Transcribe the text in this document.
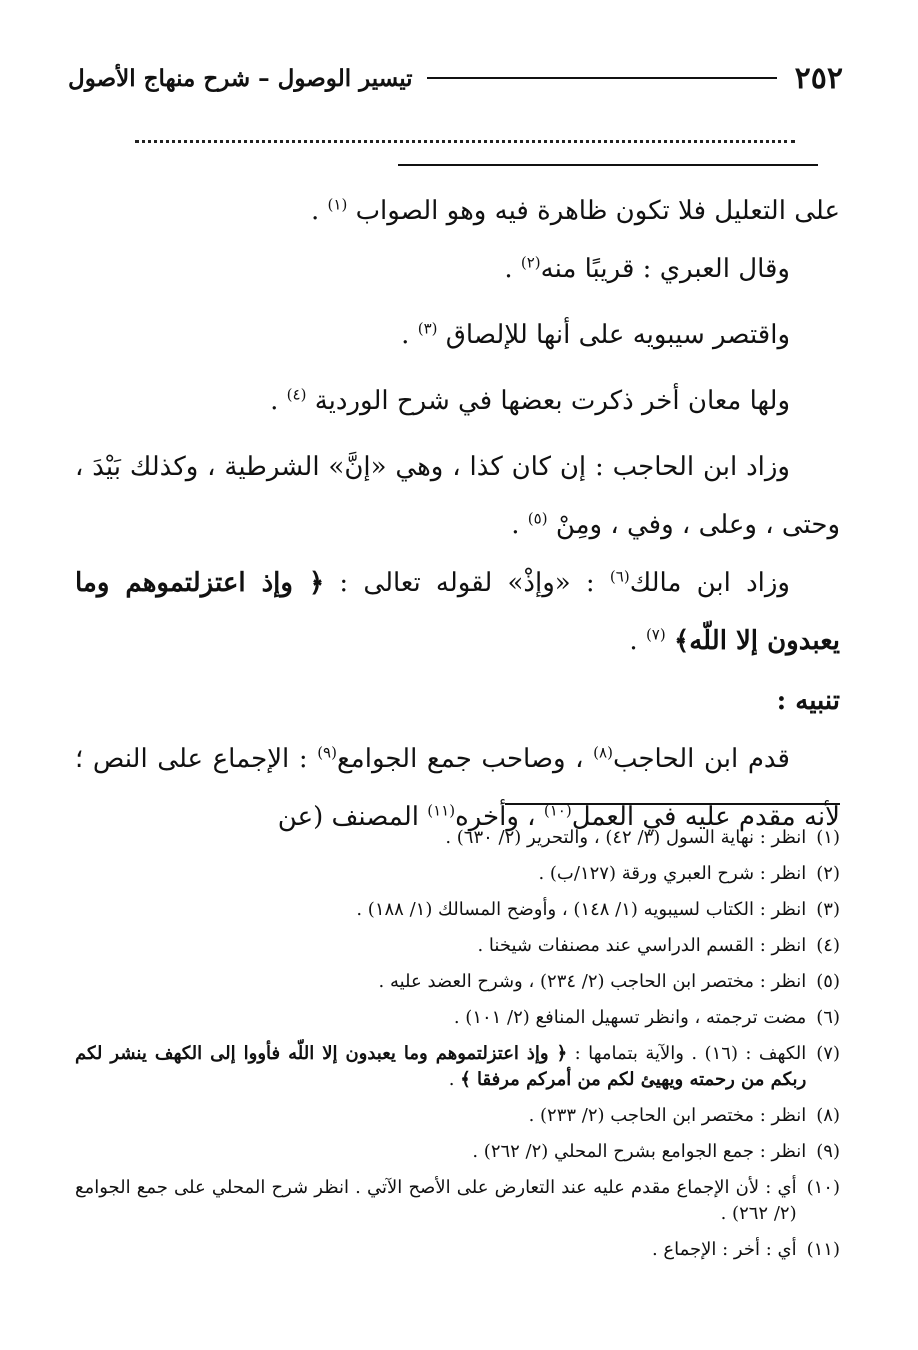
٢٥٢
تيسير الوصول – شرح منهاج الأصول

على التعليل فلا تكون ظاهرة فيه وهو الصواب $^{(١)}$ .

وقال العبري : قريبًا منه$^{(٢)}$ .

واقتصر سيبويه على أنها للإلصاق $^{(٣)}$ .

ولها معان أخر ذكرت بعضها في شرح الوردية $^{(٤)}$ .

وزاد ابن الحاجب : إن كان كذا ، وهي «إنَّ» الشرطية ، وكذلك بَيْدَ ، وحتى ، وعلى ، وفي ، ومِنْ $^{(٥)}$ .

وزاد ابن مالك$^{(٦)}$ : «وإذْ» لقوله تعالى : ﴿ وإذ اعتزلتموهم وما يعبدون إلا اللّه﴾ $^{(٧)}$ .

تنبيه :

قدم ابن الحاجب$^{(٨)}$ ، وصاحب جمع الجوامع$^{(٩)}$ : الإجماع على النص ؛ لأنه مقدم عليه في العمل$^{(١٠)}$ ، وأخره$^{(١١)}$ المصنف (عن

(١)
انظر : نهاية السول (٣/ ٤٢) ، والتحرير (٢/ ٦٣٠) .

(٢)
انظر : شرح العبري ورقة (١٢٧/ب) .

(٣)
انظر : الكتاب لسيبويه (١/ ١٤٨) ، وأوضح المسالك (١/ ١٨٨) .

(٤)
انظر : القسم الدراسي عند مصنفات شيخنا .

(٥)
انظر : مختصر ابن الحاجب (٢/ ٢٣٤) ، وشرح العضد عليه .

(٦)
مضت ترجمته ، وانظر تسهيل المنافع (٢/ ١٠١) .

(٧)
الكهف : (١٦) . والآية بتمامها : ﴿ وإذ اعتزلتموهم وما يعبدون إلا اللّه فأووا إلى الكهف ينشر لكم ربكم من رحمته ويهيئ لكم من أمركم مرفقا ﴾ .

(٨)
انظر : مختصر ابن الحاجب (٢/ ٢٣٣) .

(٩)
انظر : جمع الجوامع بشرح المحلي (٢/ ٢٦٢) .

(١٠)
أي : لأن الإجماع مقدم عليه عند التعارض على الأصح الآتي . انظر شرح المحلي على جمع الجوامع (٢/ ٢٦٢) .

(١١)
أي : أخر : الإجماع .
